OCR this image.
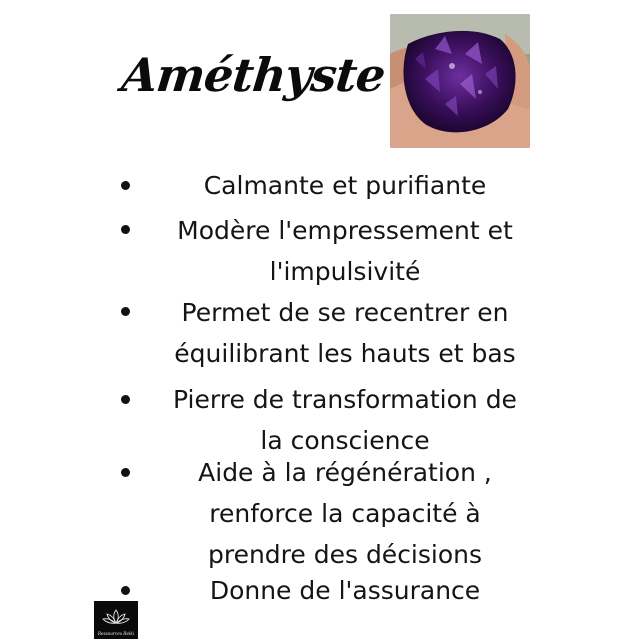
Améthyste
Calmante et purifiante
Modère l'empressement et
l'impulsivité
Permet de se recentrer en
équilibrant les hauts et bas
Pierre de transformation de
la conscience
Aide à la régénération ,
renforce la capacité à
prendre des décisions
Donne de l'assurance
Ressources Reiki
